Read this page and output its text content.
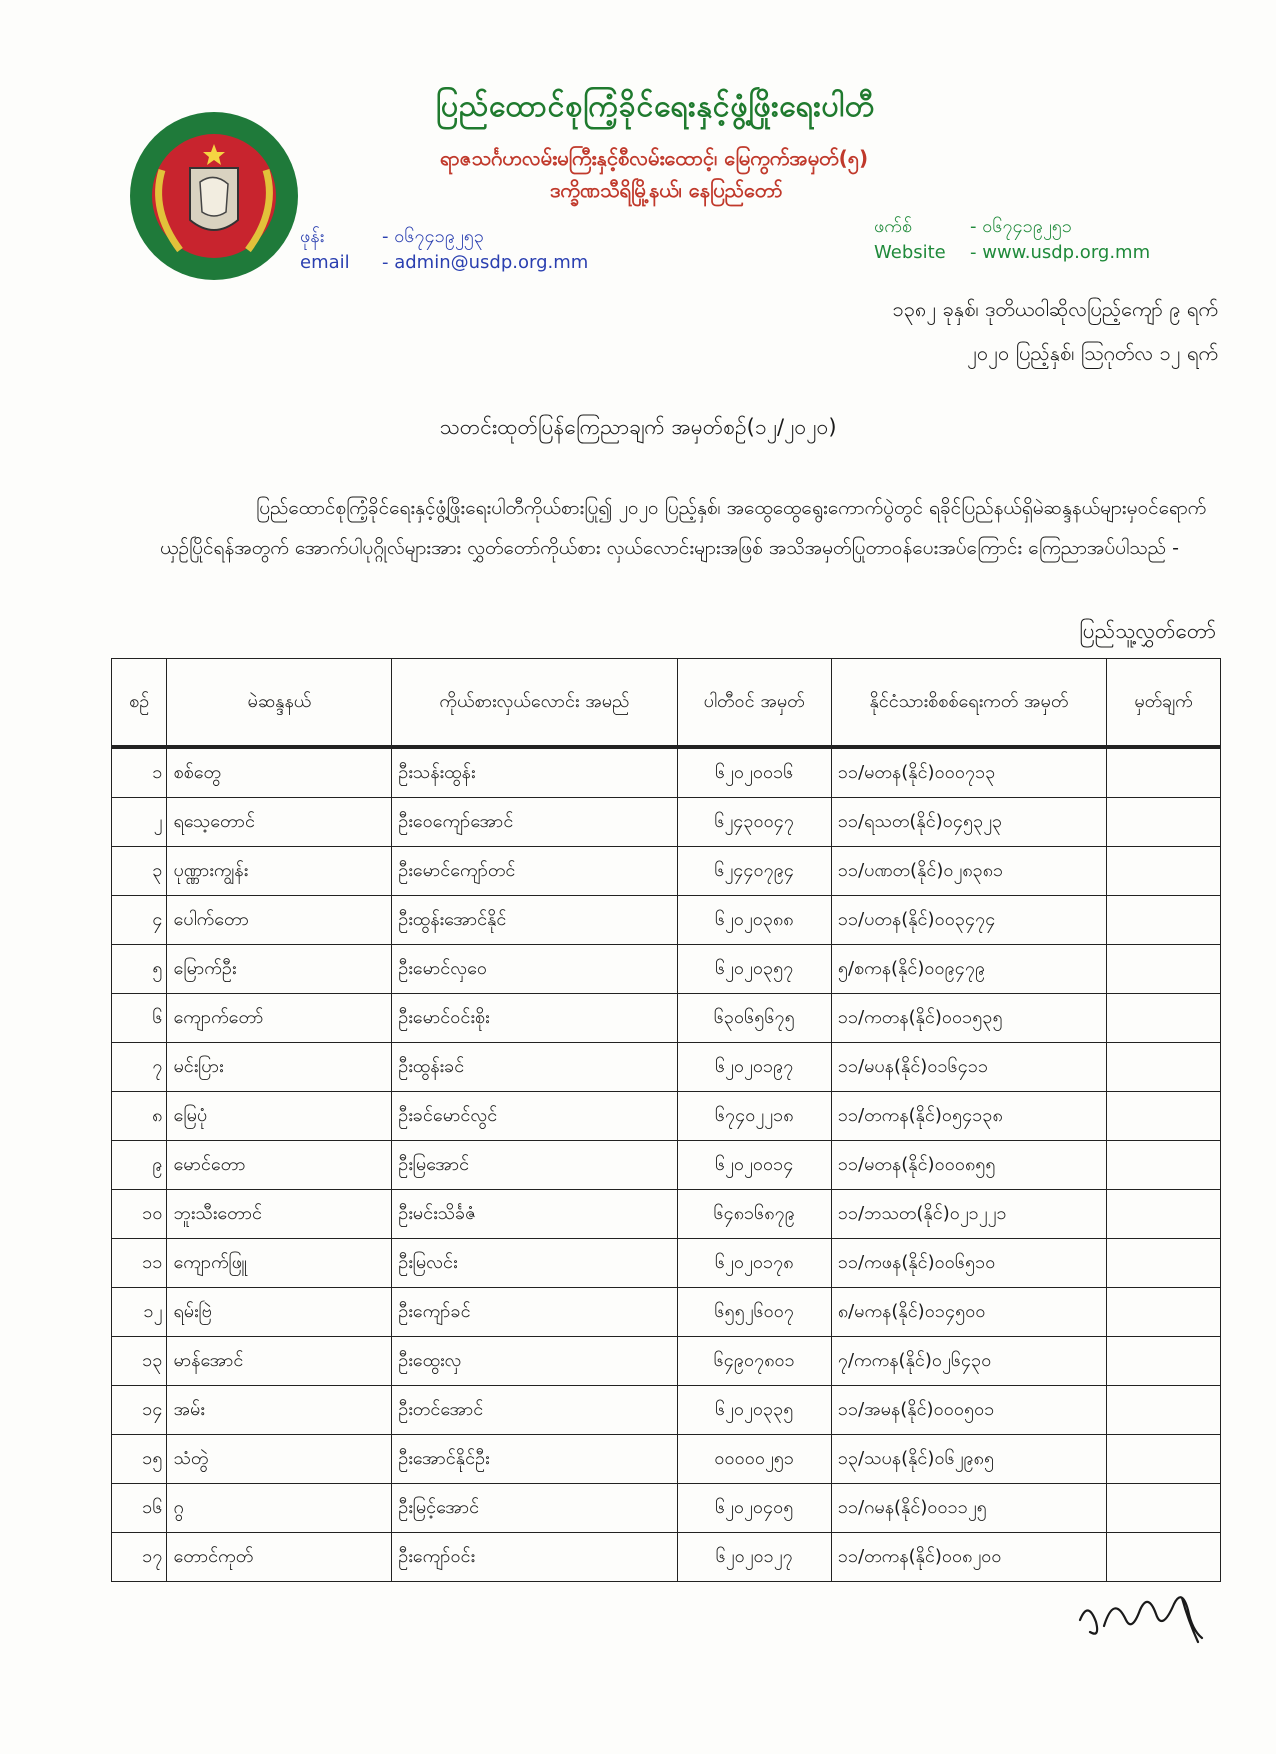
ပြည်ထောင်စုကြံ့ခိုင်ရေးနှင့်ဖွံ့ဖြိုးရေးပါတီ
ရာဇသင်္ဂဟလမ်းမကြီးနှင့်စီလမ်းထောင့်၊ မြေကွက်အမှတ်(၅)
ဒက္ခိဏသီရိမြို့နယ်၊ နေပြည်တော်
ဖုန်း	- ၀၆၇၄၁၉၂၅၃
email - admin@usdp.org.mm
ဖက်စ်	- ၀၆၇၄၁၉၂၅၁
Website - www.usdp.org.mm
၁၃၈၂ ခုနှစ်၊ ဒုတိယဝါဆိုလပြည့်ကျော် ၉ ရက်
၂၀၂၀ ပြည့်နှစ်၊ ဩဂုတ်လ ၁၂ ရက်
သတင်းထုတ်ပြန်ကြေညာချက် အမှတ်စဉ်(၁၂/၂၀၂၀)
ပြည်ထောင်စုကြံ့ခိုင်ရေးနှင့်ဖွံ့ဖြိုးရေးပါတီကိုယ်စားပြု၍ ၂၀၂၀ ပြည့်နှစ်၊ အထွေထွေရွေးကောက်ပွဲတွင် ရခိုင်ပြည်နယ်ရှိမဲဆန္ဒနယ်များမှဝင်ရောက်ယှဉ်ပြိုင်ရန်အတွက် အောက်ပါပုဂ္ဂိုလ်များအား လွှတ်တော်ကိုယ်စား လှယ်လောင်းများအဖြစ် အသိအမှတ်ပြုတာဝန်ပေးအပ်ကြောင်း ကြေညာအပ်ပါသည် -
ပြည်သူ့လွှတ်တော်
စဉ်	မဲဆန္ဒနယ်	ကိုယ်စားလှယ်လောင်း အမည်	ပါတီဝင် အမှတ်	နိုင်ငံသားစိစစ်ရေးကတ် အမှတ်	မှတ်ချက်
၁	စစ်တွေ	ဦးသန်းထွန်း	၆၂၀၂၀၀၁၆	၁၁/မတန(နိုင်)၀၀၀၇၁၃	
၂	ရသေ့တောင်	ဦးဝေကျော်အောင်	၆၂၄၃၀၀၄၇	၁၁/ရသတ(နိုင်)၀၄၅၃၂၃	
၃	ပုဏ္ဏားကျွန်း	ဦးမောင်ကျော်တင်	၆၂၄၄၀၇၉၄	၁၁/ပဏတ(နိုင်)၀၂၈၃၈၁	
၄	ပေါက်တော	ဦးထွန်းအောင်နိုင်	၆၂၀၂၀၃၈၈	၁၁/ပတန(နိုင်)၀၀၃၄၇၄	
၅	မြောက်ဦး	ဦးမောင်လှဝေ	၆၂၀၂၀၃၅၇	၅/စကန(နိုင်)၀၀၉၄၇၉	
၆	ကျောက်တော်	ဦးမောင်ဝင်းစိုး	၆၃၀၆၅၆၇၅	၁၁/ကတန(နိုင်)၀၀၁၅၃၅	
၇	မင်းပြား	ဦးထွန်းခင်	၆၂၀၂၀၁၉၇	၁၁/မပန(နိုင်)၀၁၆၄၁၁	
၈	မြေပုံ	ဦးခင်မောင်လွင်	၆၇၄၀၂၂၁၈	၁၁/တကန(နိုင်)၀၅၄၁၃၈	
၉	မောင်တော	ဦးမြအောင်	၆၂၀၂၀၀၁၄	၁၁/မတန(နိုင်)၀၀၀၈၅၅	
၁၀	ဘူးသီးတောင်	ဦးမင်းသိင်္ခဇံ	၆၄၈၁၆၈၇၉	၁၁/ဘသတ(နိုင်)၀၂၁၂၂၁	
၁၁	ကျောက်ဖြူ	ဦးမြလင်း	၆၂၀၂၀၁၇၈	၁၁/ကဖန(နိုင်)၀၀၆၅၁၀	
၁၂	ရမ်းဗြဲ	ဦးကျော်ခင်	၆၅၅၂၆၀၀၇	၈/မကန(နိုင်)၀၁၄၅၀၀	
၁၃	မာန်အောင်	ဦးထွေးလှ	၆၄၉၀၇၈၀၁	၇/ကကန(နိုင်)၀၂၆၄၃၀	
၁၄	အမ်း	ဦးတင်အောင်	၆၂၀၂၀၃၃၅	၁၁/အမန(နိုင်)၀၀၀၅၀၁	
၁၅	သံတွဲ	ဦးအောင်နိုင်ဦး	၀၀၀၀၀၂၅၁	၁၃/သပန(နိုင်)၀၆၂၉၈၅	
၁၆	ဂွ	ဦးမြင့်အောင်	၆၂၀၂၀၄၀၅	၁၁/ဂမန(နိုင်)၀၀၁၁၂၅	
၁၇	တောင်ကုတ်	ဦးကျော်ဝင်း	၆၂၀၂၀၁၂၇	၁၁/တကန(နိုင်)၀၀၈၂၀၀	
